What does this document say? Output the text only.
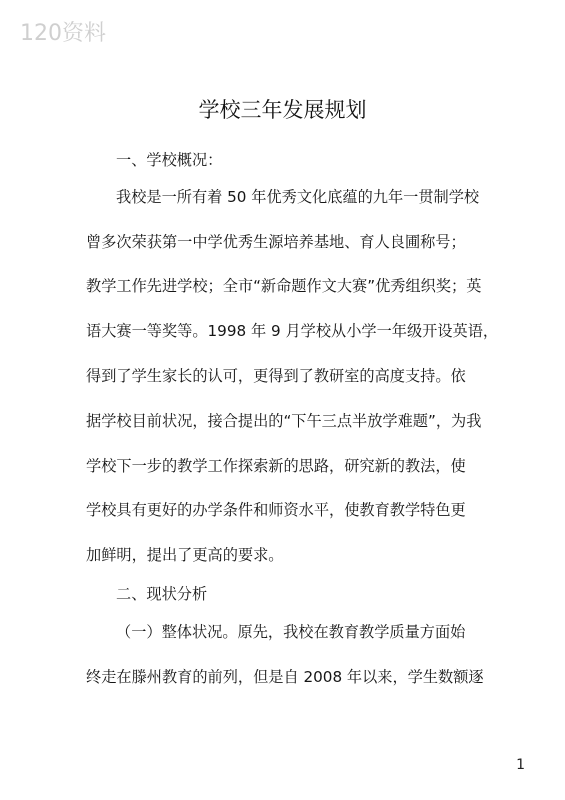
120资料
学校三年发展规划
一、学校概况：
我校是一所有着 50 年优秀文化底蕴的九年一贯制学校
曾多次荣获第一中学优秀生源培养基地、育人良圃称号；
教学工作先进学校；全市“新命题作文大赛”优秀组织奖；英
语大赛一等奖等。1998 年 9 月学校从小学一年级开设英语，
得到了学生家长的认可，更得到了教研室的高度支持。依
据学校目前状况，接合提出的“下午三点半放学难题”，为我
学校下一步的教学工作探索新的思路，研究新的教法，使
学校具有更好的办学条件和师资水平，使教育教学特色更
加鲜明，提出了更高的要求。
二、现状分析
（一）整体状况。原先，我校在教育教学质量方面始
终走在滕州教育的前列，但是自 2008 年以来，学生数额逐
1
